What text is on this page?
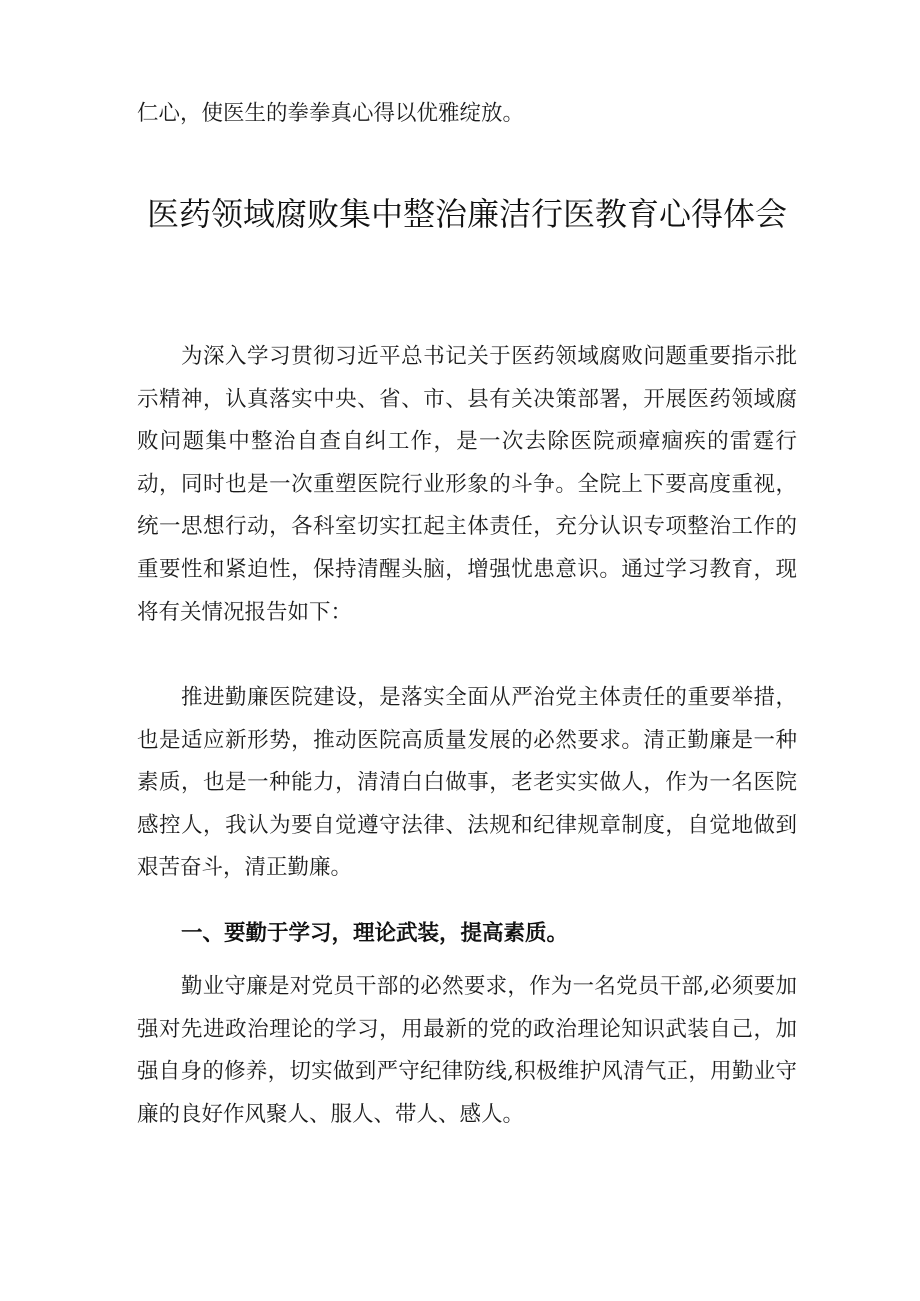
仁心，使医生的拳拳真心得以优雅绽放。

医药领域腐败集中整治廉洁行医教育心得体会

为深入学习贯彻习近平总书记关于医药领域腐败问题重要指示批示精神，认真落实中央、省、市、县有关决策部署，开展医药领域腐败问题集中整治自查自纠工作，是一次去除医院顽瘴痼疾的雷霆行动，同时也是一次重塑医院行业形象的斗争。全院上下要高度重视，统一思想行动，各科室切实扛起主体责任，充分认识专项整治工作的重要性和紧迫性，保持清醒头脑，增强忧患意识。通过学习教育，现将有关情况报告如下：

推进勤廉医院建设，是落实全面从严治党主体责任的重要举措，也是适应新形势，推动医院高质量发展的必然要求。清正勤廉是一种素质，也是一种能力，清清白白做事，老老实实做人，作为一名医院感控人，我认为要自觉遵守法律、法规和纪律规章制度，自觉地做到艰苦奋斗，清正勤廉。

一、要勤于学习，理论武装，提高素质。

勤业守廉是对党员干部的必然要求，作为一名党员干部,必须要加强对先进政治理论的学习，用最新的党的政治理论知识武装自己，加强自身的修养，切实做到严守纪律防线,积极维护风清气正，用勤业守廉的良好作风聚人、服人、带人、感人。
